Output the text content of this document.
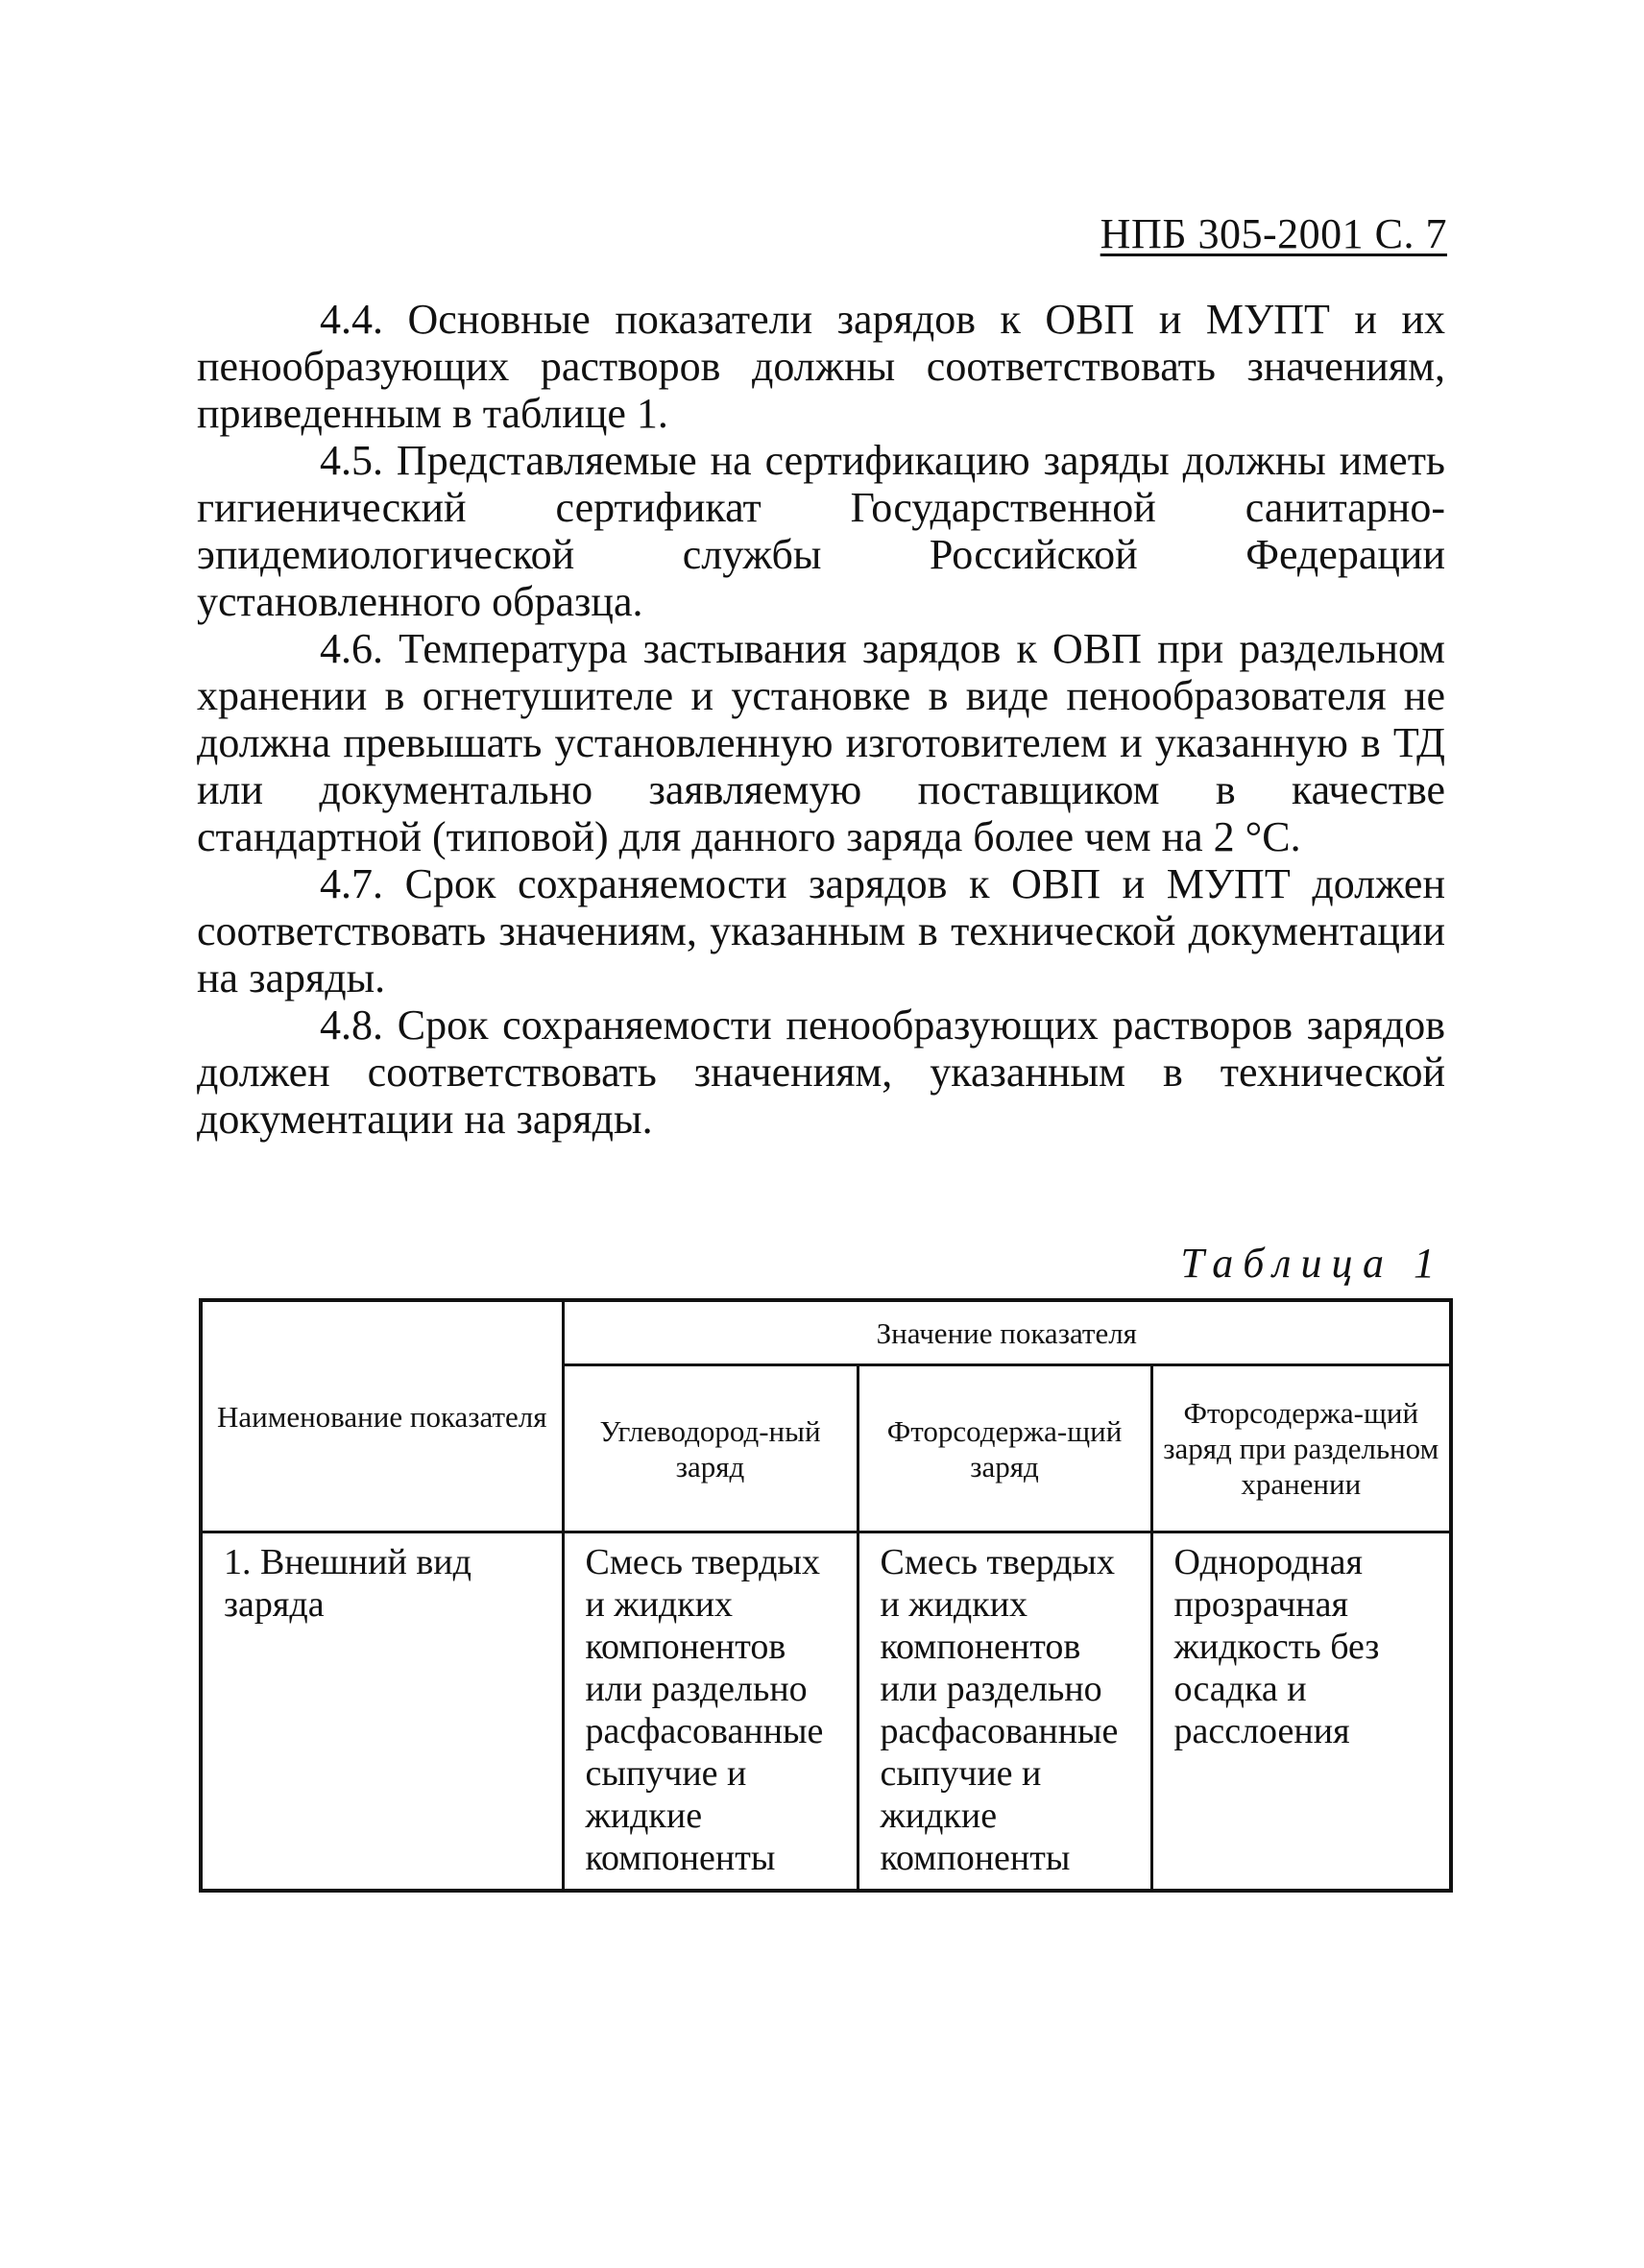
НПБ 305-2001 С. 7

4.4. Основные показатели зарядов к ОВП и МУПТ и их пенообразующих растворов должны соответствовать значениям, приведенным в таблице 1.

4.5. Представляемые на сертификацию заряды должны иметь гигиенический сертификат Государственной санитарно-эпидемиологической службы Российской Федерации установленного образца.

4.6. Температура застывания зарядов к ОВП при раздельном хранении в огнетушителе и установке в виде пенообразователя не должна превышать установленную изготовителем и указанную в ТД или документально заявляемую поставщиком в качестве стандартной (типовой) для данного заряда более чем на 2 °С.

4.7. Срок сохраняемости зарядов к ОВП и МУПТ должен соответствовать значениям, указанным в технической документации на заряды.

4.8. Срок сохраняемости пенообразующих растворов зарядов должен соответствовать значениям, указанным в технической документации на заряды.

Таблица 1
Наименование показателя	Значение показателя		
	Углеводород-ный заряд	Фторсодержа-щий заряд	Фторсодержа-щий заряд при раздельном хранении
1. Внешний вид заряда	Смесь твердых и жидких компонентов или раздельно расфасованные сыпучие и жидкие компоненты	Смесь твердых и жидких компонентов или раздельно расфасованные сыпучие и жидкие компоненты	Однородная прозрачная жидкость без осадка и расслоения
